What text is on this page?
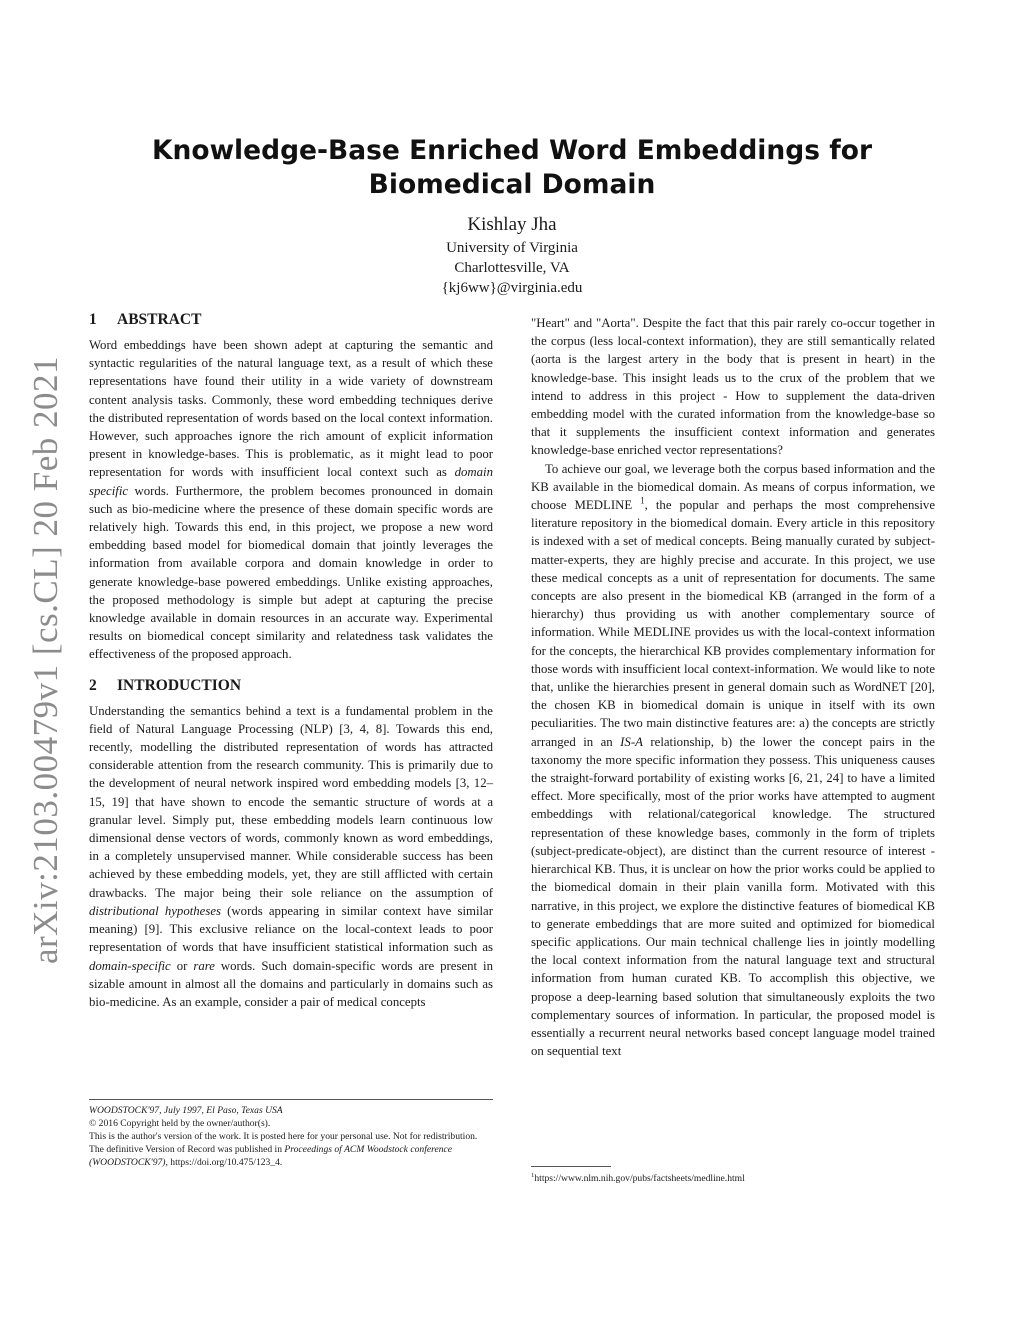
arXiv:2103.00479v1 [cs.CL] 20 Feb 2021
Knowledge-Base Enriched Word Embeddings for Biomedical Domain
Kishlay Jha
University of Virginia
Charlottesville, VA
{kj6ww}@virginia.edu
1 ABSTRACT

Word embeddings have been shown adept at capturing the semantic and syntactic regularities of the natural language text, as a result of which these representations have found their utility in a wide variety of downstream content analysis tasks. Commonly, these word embedding techniques derive the distributed representation of words based on the local context information. However, such approaches ignore the rich amount of explicit information present in knowledge-bases. This is problematic, as it might lead to poor representation for words with insufficient local context such as domain specific words. Furthermore, the problem becomes pronounced in domain such as bio-medicine where the presence of these domain specific words are relatively high. Towards this end, in this project, we propose a new word embedding based model for biomedical domain that jointly leverages the information from available corpora and domain knowledge in order to generate knowledge-base powered embeddings. Unlike existing approaches, the proposed methodology is simple but adept at capturing the precise knowledge available in domain resources in an accurate way. Experimental results on biomedical concept similarity and relatedness task validates the effectiveness of the proposed approach.

2 INTRODUCTION

Understanding the semantics behind a text is a fundamental problem in the field of Natural Language Processing (NLP) [3, 4, 8]. Towards this end, recently, modelling the distributed representation of words has attracted considerable attention from the research community. This is primarily due to the development of neural network inspired word embedding models [3, 12–15, 19] that have shown to encode the semantic structure of words at a granular level. Simply put, these embedding models learn continuous low dimensional dense vectors of words, commonly known as word embeddings, in a completely unsupervised manner. While considerable success has been achieved by these embedding models, yet, they are still afflicted with certain drawbacks. The major being their sole reliance on the assumption of distributional hypotheses (words appearing in similar context have similar meaning) [9]. This exclusive reliance on the local-context leads to poor representation of words that have insufficient statistical information such as domain-specific or rare words. Such domain-specific words are present in sizable amount in almost all the domains and particularly in domains such as bio-medicine. As an example, consider a pair of medical concepts

"Heart" and "Aorta". Despite the fact that this pair rarely co-occur together in the corpus (less local-context information), they are still semantically related (aorta is the largest artery in the body that is present in heart) in the knowledge-base. This insight leads us to the crux of the problem that we intend to address in this project - How to supplement the data-driven embedding model with the curated information from the knowledge-base so that it supplements the insufficient context information and generates knowledge-base enriched vector representations?

To achieve our goal, we leverage both the corpus based information and the KB available in the biomedical domain. As means of corpus information, we choose MEDLINE $^1$, the popular and perhaps the most comprehensive literature repository in the biomedical domain. Every article in this repository is indexed with a set of medical concepts. Being manually curated by subject-matter-experts, they are highly precise and accurate. In this project, we use these medical concepts as a unit of representation for documents. The same concepts are also present in the biomedical KB (arranged in the form of a hierarchy) thus providing us with another complementary source of information. While MEDLINE provides us with the local-context information for the concepts, the hierarchical KB provides complementary information for those words with insufficient local context-information. We would like to note that, unlike the hierarchies present in general domain such as WordNET [20], the chosen KB in biomedical domain is unique in itself with its own peculiarities. The two main distinctive features are: a) the concepts are strictly arranged in an IS-A relationship, b) the lower the concept pairs in the taxonomy the more specific information they possess. This uniqueness causes the straight-forward portability of existing works [6, 21, 24] to have a limited effect. More specifically, most of the prior works have attempted to augment embeddings with relational/categorical knowledge. The structured representation of these knowledge bases, commonly in the form of triplets (subject-predicate-object), are distinct than the current resource of interest - hierarchical KB. Thus, it is unclear on how the prior works could be applied to the biomedical domain in their plain vanilla form. Motivated with this narrative, in this project, we explore the distinctive features of biomedical KB to generate embeddings that are more suited and optimized for biomedical specific applications. Our main technical challenge lies in jointly modelling the local context information from the natural language text and structural information from human curated KB. To accomplish this objective, we propose a deep-learning based solution that simultaneously exploits the two complementary sources of information. In particular, the proposed model is essentially a recurrent neural networks based concept language model trained on sequential text

WOODSTOCK'97, July 1997, El Paso, Texas USA
© 2016 Copyright held by the owner/author(s).
This is the author's version of the work. It is posted here for your personal use. Not for redistribution. The definitive Version of Record was published in Proceedings of ACM Woodstock conference (WOODSTOCK'97), https://doi.org/10.475/123_4.
$^1$https://www.nlm.nih.gov/pubs/factsheets/medline.html
